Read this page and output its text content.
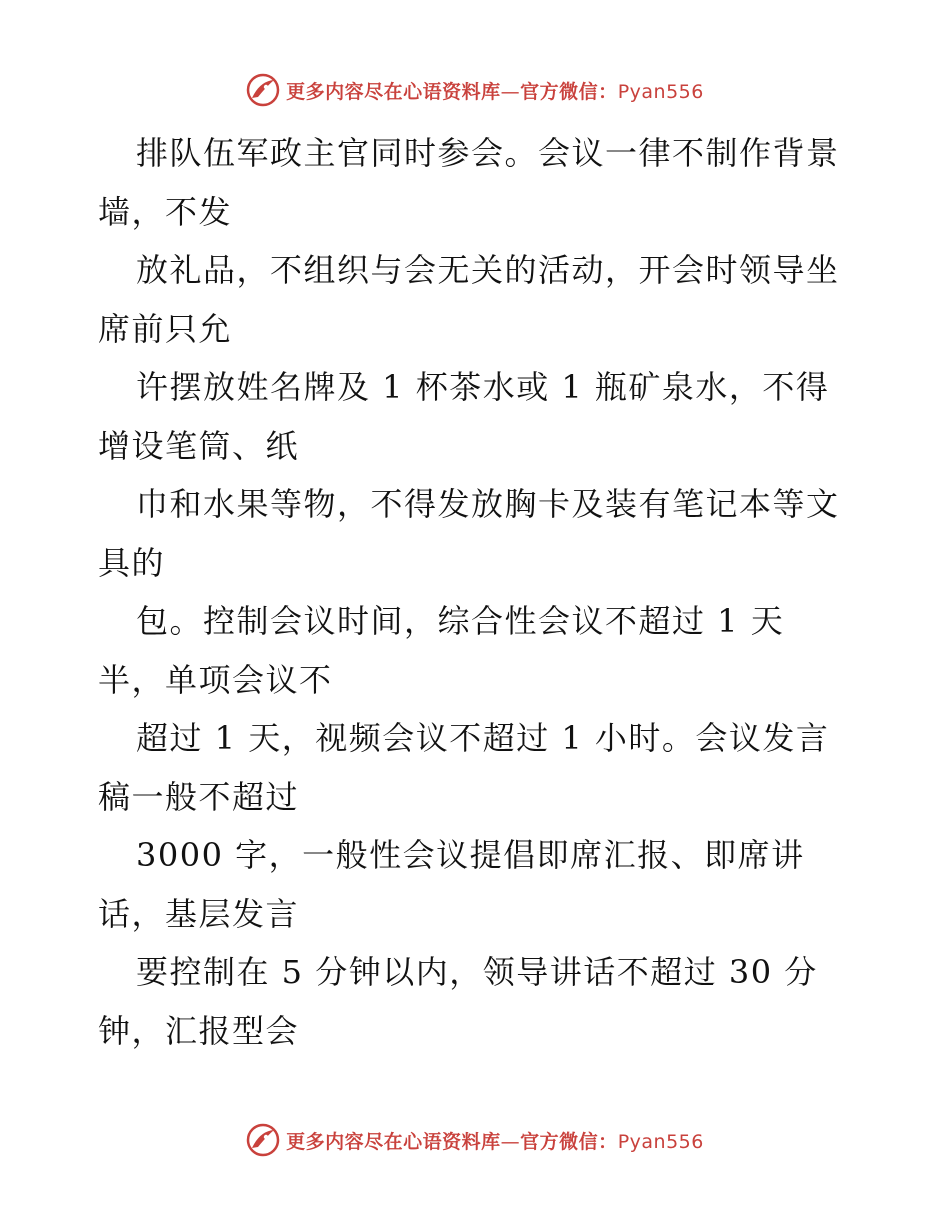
更多内容尽在心语资料库—官方微信：Pyan556
排队伍军政主官同时参会。会议一律不制作背景
墙，不发
放礼品，不组织与会无关的活动，开会时领导坐
席前只允
许摆放姓名牌及 1 杯茶水或 1 瓶矿泉水，不得
增设笔筒、纸
巾和水果等物，不得发放胸卡及装有笔记本等文
具的
包。控制会议时间，综合性会议不超过 1 天
半，单项会议不
超过 1 天，视频会议不超过 1 小时。会议发言
稿一般不超过
3000 字，一般性会议提倡即席汇报、即席讲
话，基层发言
要控制在 5 分钟以内，领导讲话不超过 30 分
钟，汇报型会
更多内容尽在心语资料库—官方微信：Pyan556
